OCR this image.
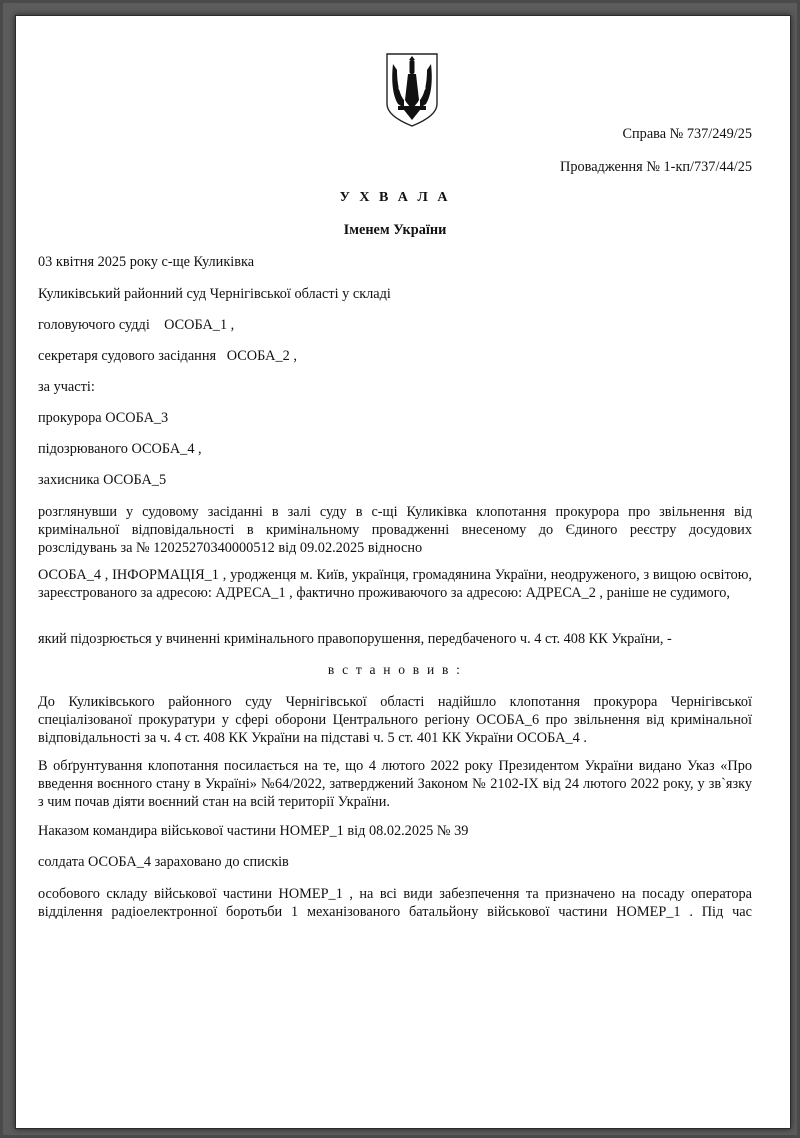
Справа № 737/249/25

Провадження № 1-кп/737/44/25

У Х В А Л А

Іменем України

03 квітня 2025 року с-ще Куликівка

Куликівський районний суд Чернігівської області у складі

головуючого судді    ОСОБА_1 ,

секретаря судового засідання   ОСОБА_2 ,

за участі:

прокурора ОСОБА_3

підозрюваного ОСОБА_4 ,

захисника ОСОБА_5

розглянувши у судовому засіданні в залі суду в с-щі Куликівка клопотання прокурора про звільнення від кримінальної відповідальності в кримінальному провадженні внесеному до Єдиного реєстру досудових розслідувань за № 12025270340000512 від 09.02.2025 відносно

ОСОБА_4 , ІНФОРМАЦІЯ_1 , уродженця м. Київ, українця, громадянина України, неодруженого, з вищою освітою, зареєстрованого за адресою: АДРЕСА_1 , фактично проживаючого за адресою: АДРЕСА_2 , раніше не судимого,

який підозрюється у вчиненні кримінального правопорушення, передбаченого ч. 4 ст. 408 КК України, -

в с т а н о в и в :

До Куликівського районного суду Чернігівської області надійшло клопотання прокурора Чернігівської спеціалізованої прокуратури у сфері оборони Центрального регіону ОСОБА_6 про звільнення від кримінальної відповідальності за ч. 4 ст. 408 КК України на підставі ч. 5 ст. 401 КК України ОСОБА_4 .

В обґрунтування клопотання посилається на те, що 4 лютого 2022 року Президентом України видано Указ «Про введення воєнного стану в Україні» №64/2022, затверджений Законом № 2102-IX від 24 лютого 2022 року, у зв`язку з чим почав діяти воєнний стан на всій території України.

Наказом командира військової частини НОМЕР_1 від 08.02.2025 № 39

солдата ОСОБА_4 зараховано до списків

особового складу військової частини НОМЕР_1 , на всі види забезпечення та призначено на посаду оператора

відділення радіоелектронної боротьби 1 механізованого батальйону військової частини НОМЕР_1 . Під час
